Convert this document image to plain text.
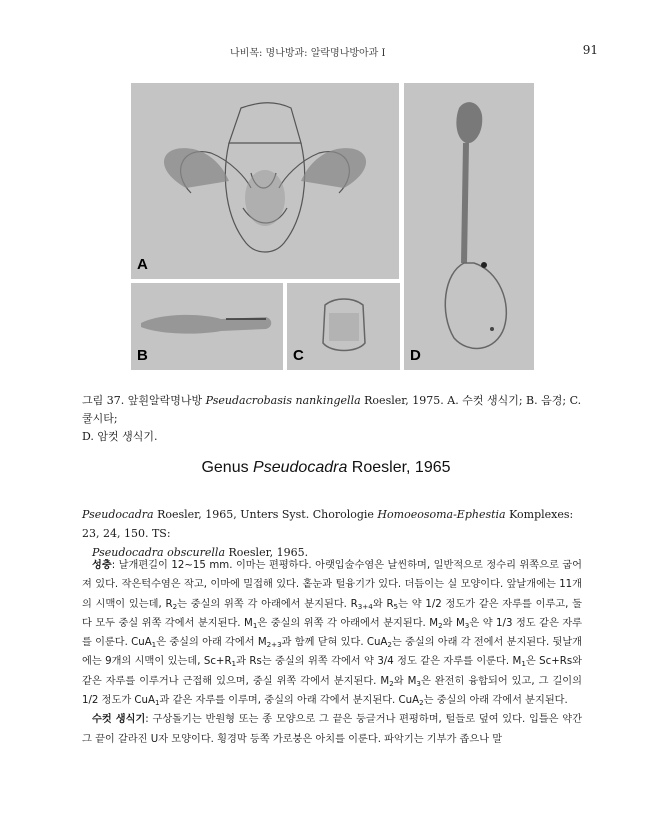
나비목: 명나방과: 알락명나방아과 I	91
A
D
B	C
그림 37. 앞흰알락명나방 Pseudacrobasis nankingella Roesler, 1975. A. 수컷 생식기; B. 음경; C. 쿨시타;
D. 암컷 생식기.
Genus Pseudocadra Roesler, 1965
Pseudocadra Roesler, 1965, Unters Syst. Chorologie Homoeosoma-Ephestia Komplexes: 23, 24, 150. TS:
Pseudocadra obscurella Roesler, 1965.

성충: 날개편길이 12~15 mm. 이마는 편평하다. 아랫입술수염은 날씬하며, 일반적으로 정수리 위쪽으로 굽어져 있다. 작은턱수염은 작고, 이마에 밀접해 있다. 홑눈과 털융기가 있다. 더듬이는 실 모양이다. 앞날개에는 11개의 시맥이 있는데, $R_2$는 중실의 위쪽 각 아래에서 분지된다. $R_{3+4}$와 $R_5$는 약 1/2 정도가 같은 자루를 이루고, 둘 다 모두 중실 위쪽 각에서 분지된다. $M_1$은 중실의 위쪽 각 아래에서 분지된다. $M_2$와 $M_3$은 약 1/3 정도 같은 자루를 이룬다. CuA$_1$은 중실의 아래 각에서 $M_{2+3}$과 함께 닫혀 있다. CuA$_2$는 중실의 아래 각 전에서 분지된다. 뒷날개에는 9개의 시맥이 있는데, $Sc+R_1$과 Rs는 중실의 위쪽 각에서 약 3/4 정도 같은 자루를 이룬다. $M_1$은 Sc+Rs와 같은 자루를 이루거나 근접해 있으며, 중실 위쪽 각에서 분지된다. $M_2$와 $M_3$은 완전히 융합되어 있고, 그 길이의 1/2 정도가 CuA$_1$과 같은 자루를 이루며, 중실의 아래 각에서 분지된다. CuA$_2$는 중실의 아래 각에서 분지된다.

수컷 생식기: 구상돌기는 반원형 또는 종 모양으로 그 끝은 둥글거나 편평하며, 털들로 덮여 있다. 입틀은 약간 그 끝이 갈라진 U자 모양이다. 횡경막 등쪽 가로붕은 아치를 이룬다. 파악기는 기부가 좁으나 말
